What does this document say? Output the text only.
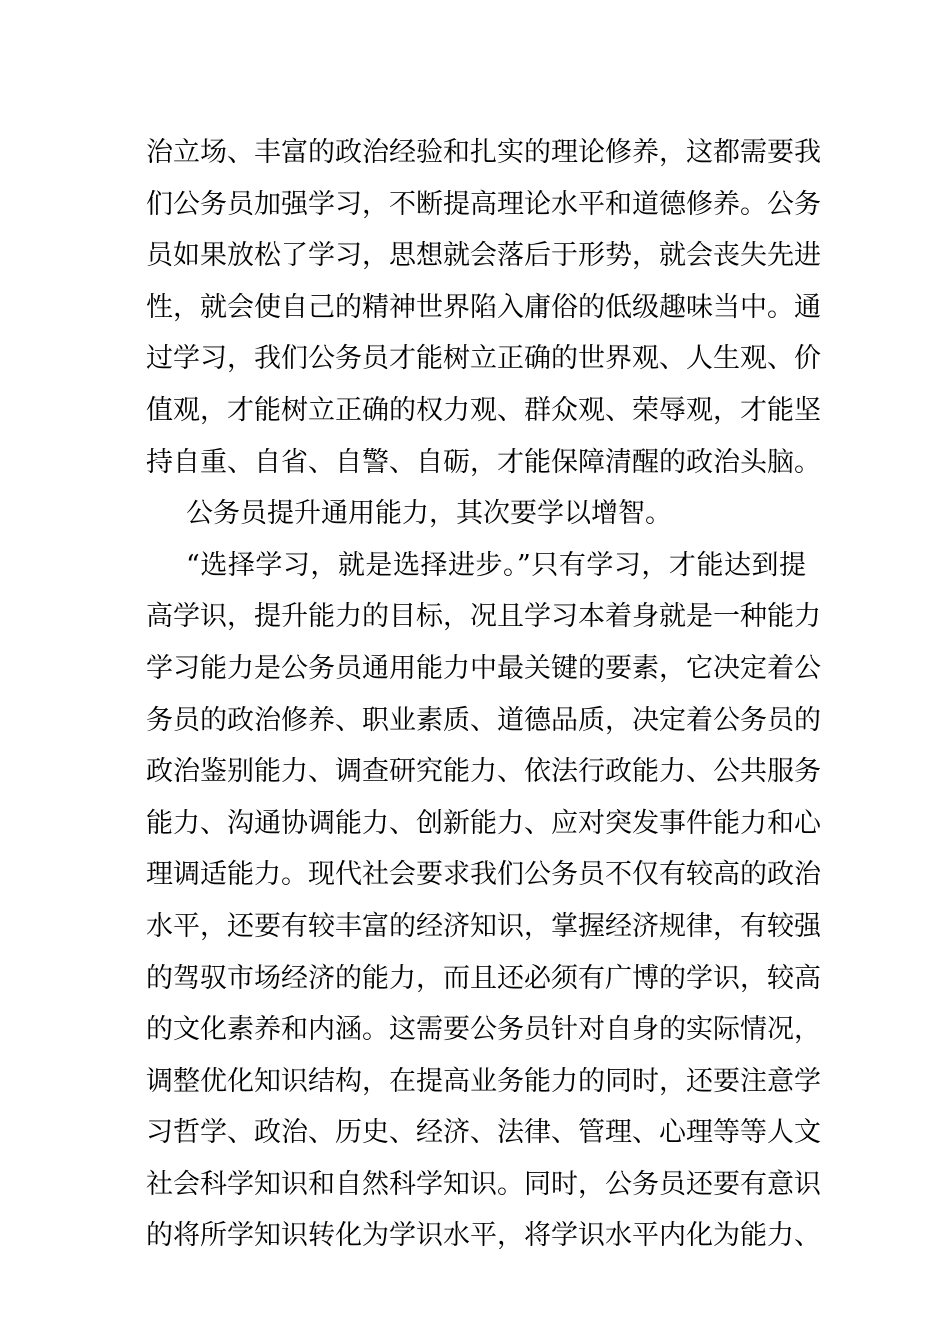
治立场、丰富的政治经验和扎实的理论修养，这都需要我
们公务员加强学习，不断提高理论水平和道德修养。公务
员如果放松了学习，思想就会落后于形势，就会丧失先进
性，就会使自己的精神世界陷入庸俗的低级趣味当中。通
过学习，我们公务员才能树立正确的世界观、人生观、价
值观，才能树立正确的权力观、群众观、荣辱观，才能坚
持自重、自省、自警、自砺，才能保障清醒的政治头脑。
公务员提升通用能力，其次要学以增智。
“选择学习，就是选择进步。”只有学习，才能达到提
高学识，提升能力的目标，况且学习本着身就是一种能力
学习能力是公务员通用能力中最关键的要素，它决定着公
务员的政治修养、职业素质、道德品质，决定着公务员的
政治鉴别能力、调查研究能力、依法行政能力、公共服务
能力、沟通协调能力、创新能力、应对突发事件能力和心
理调适能力。现代社会要求我们公务员不仅有较高的政治
水平，还要有较丰富的经济知识，掌握经济规律，有较强
的驾驭市场经济的能力，而且还必须有广博的学识，较高
的文化素养和内涵。这需要公务员针对自身的实际情况，
调整优化知识结构，在提高业务能力的同时，还要注意学
习哲学、政治、历史、经济、法律、管理、心理等等人文
社会科学知识和自然科学知识。同时，公务员还要有意识
的将所学知识转化为学识水平，将学识水平内化为能力、
